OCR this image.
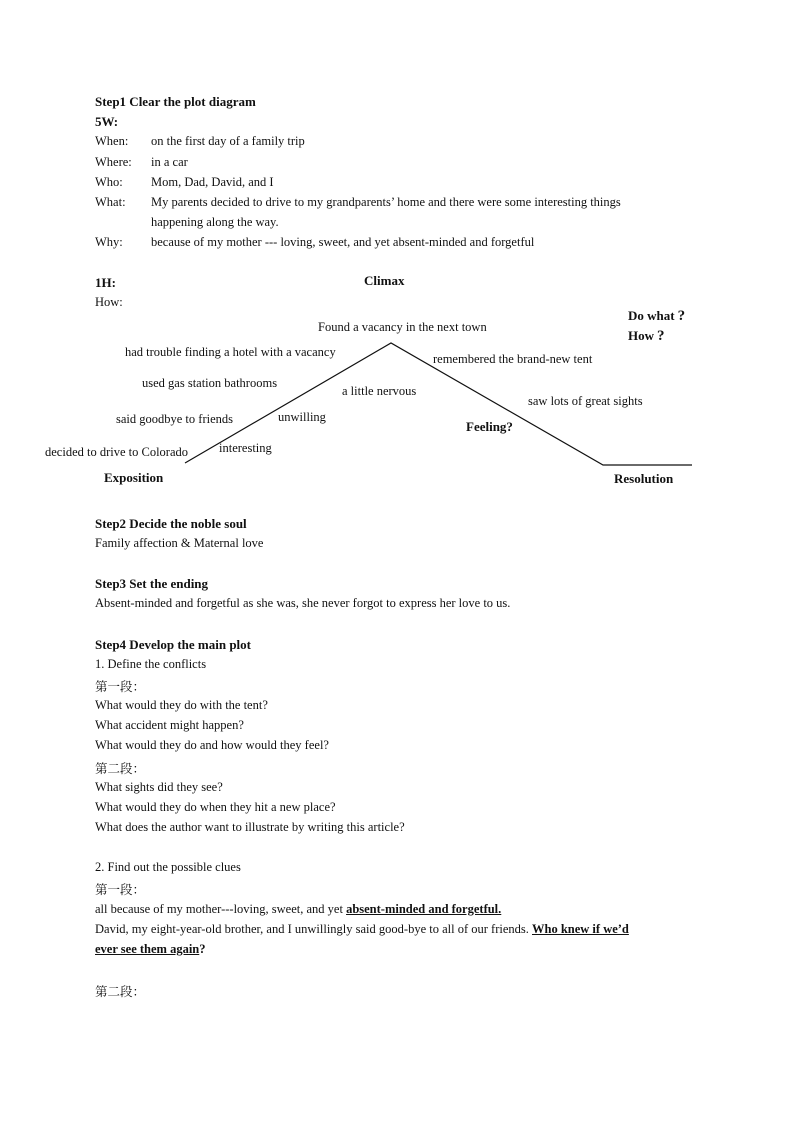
Step1 Clear the plot diagram
5W:
When: on the first day of a family trip
Where: in a car
Who: Mom, Dad, David, and I
What: My parents decided to drive to my grandparents’ home and there were some interesting things
happening along the way.
Why: because of my mother --- loving, sweet, and yet absent-minded and forgetful
1H:
How:
Climax
Found a vacancy in the next town
had trouble finding a hotel with a vacancy
used gas station bathrooms
said goodbye to friends
decided to drive to Colorado
a little nervous
unwilling
interesting
remembered the brand-new tent
saw lots of great sights
Feeling?
Do what ?
How ?
Exposition	Resolution
Step2 Decide the noble soul
Family affection & Maternal love
Step3 Set the ending
Absent-minded and forgetful as she was, she never forgot to express her love to us.
Step4 Develop the main plot
1. Define the conflicts
第一段：
What would they do with the tent?
What accident might happen?
What would they do and how would they feel?
第二段：
What sights did they see?
What would they do when they hit a new place?
What does the author want to illustrate by writing this article?
2. Find out the possible clues
第一段：
all because of my mother---loving, sweet, and yet absent-minded and forgetful.
David, my eight-year-old brother, and I unwillingly said good-bye to all of our friends. Who knew if we’d
ever see them again?
第二段：
